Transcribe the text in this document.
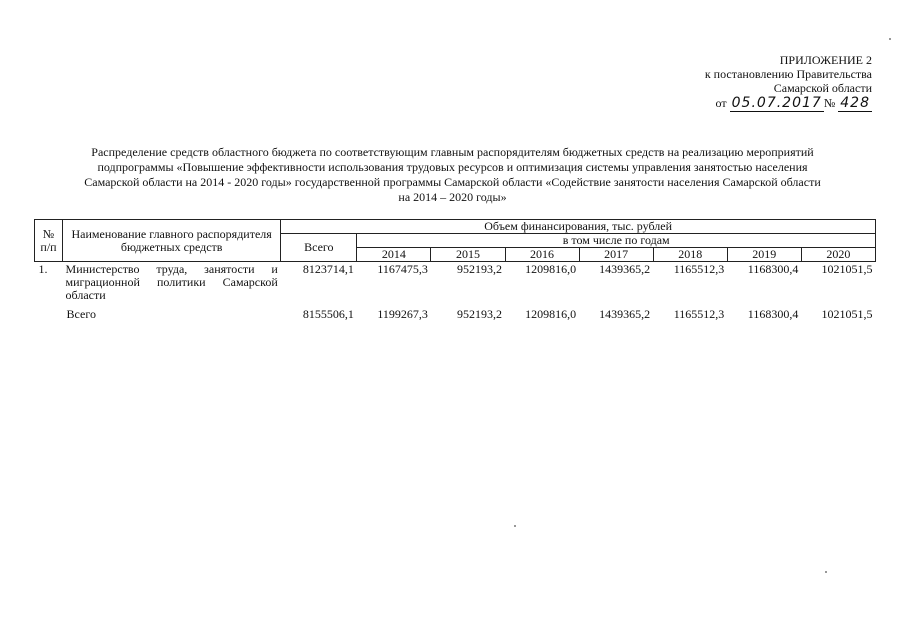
ПРИЛОЖЕНИЕ 2
к постановлению Правительства
Самарской области
от 05.07.2017 № 428
Распределение средств областного бюджета по соответствующим главным распорядителям бюджетных средств на реализацию мероприятий
подпрограммы «Повышение эффективности использования трудовых ресурсов и оптимизация системы управления занятостью населения
Самарской области на 2014 - 2020 годы» государственной программы Самарской области «Содействие занятости населения Самарской области
на 2014 – 2020 годы»
№ п/п	Наименование главного распорядителя бюджетных средств	Объем финансирования, тыс. рублей							
		Всего	в том числе по годам						
			2014	2015	2016	2017	2018	2019	2020
1.	Министерство труда, занятости и миграционной политики Самарской области	8123714,1	1167475,3	952193,2	1209816,0	1439365,2	1165512,3	1168300,4	1021051,5
	Всего	8155506,1	1199267,3	952193,2	1209816,0	1439365,2	1165512,3	1168300,4	1021051,5
